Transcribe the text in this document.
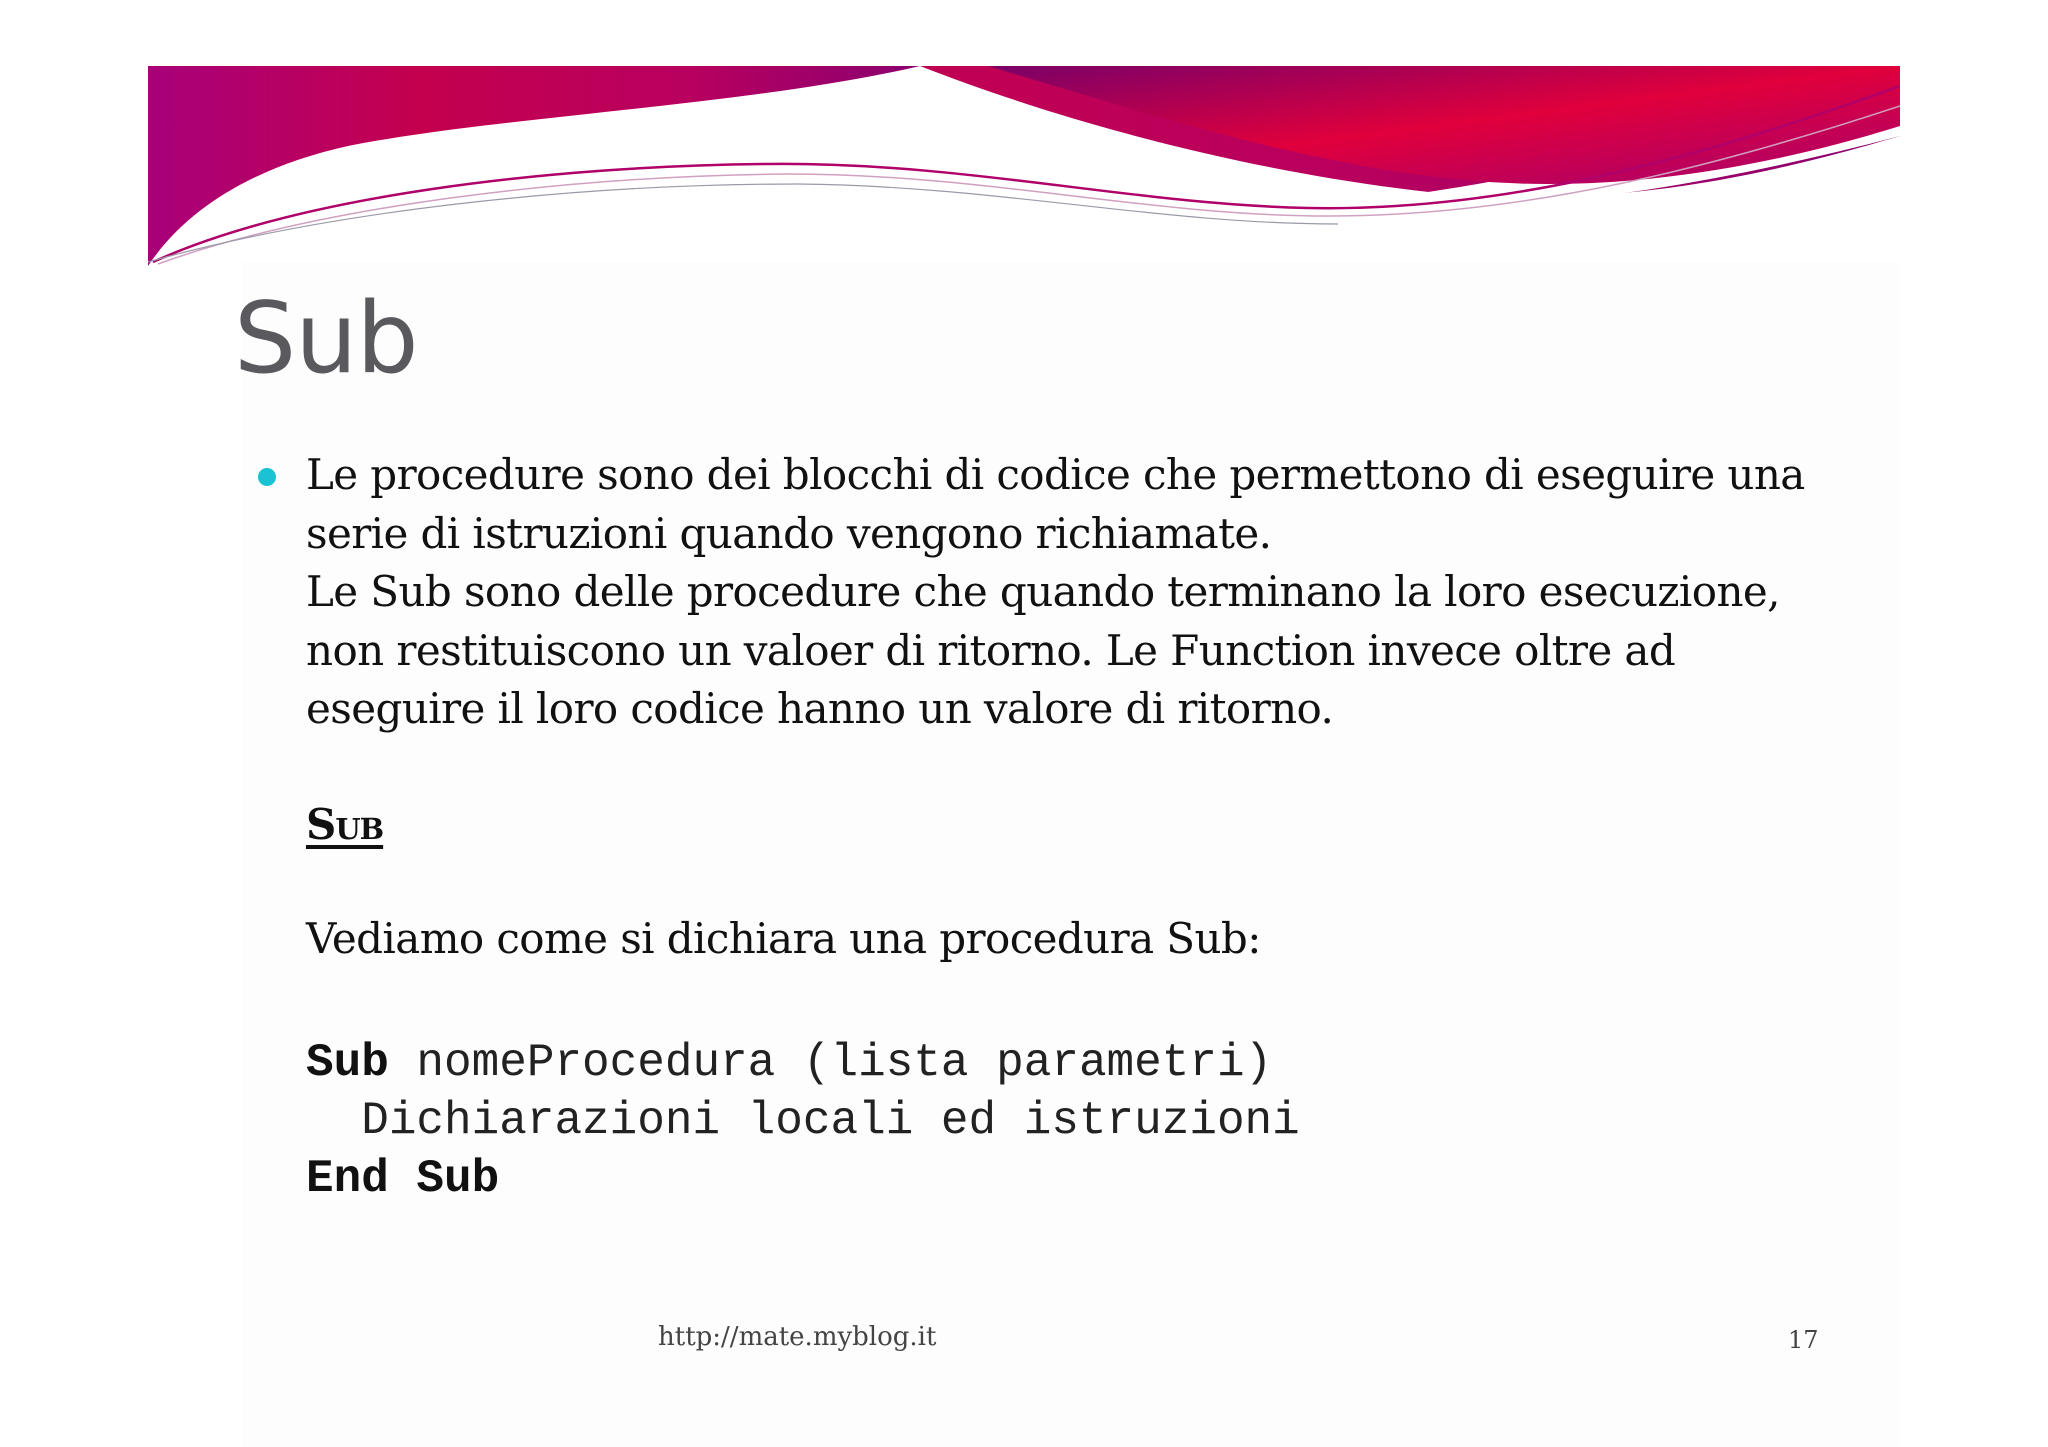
Sub
Le procedure sono dei blocchi di codice che permettono di eseguire una
serie di istruzioni quando vengono richiamate.
Le Sub sono delle procedure che quando terminano la loro esecuzione,
non restituiscono un valoer di ritorno. Le Function invece oltre ad
eseguire il loro codice hanno un valore di ritorno.
Sub
Vediamo come si dichiara una procedura Sub:
Sub nomeProcedura (lista parametri)
Dichiarazioni locali ed istruzioni
End Sub
http://mate.myblog.it	17
